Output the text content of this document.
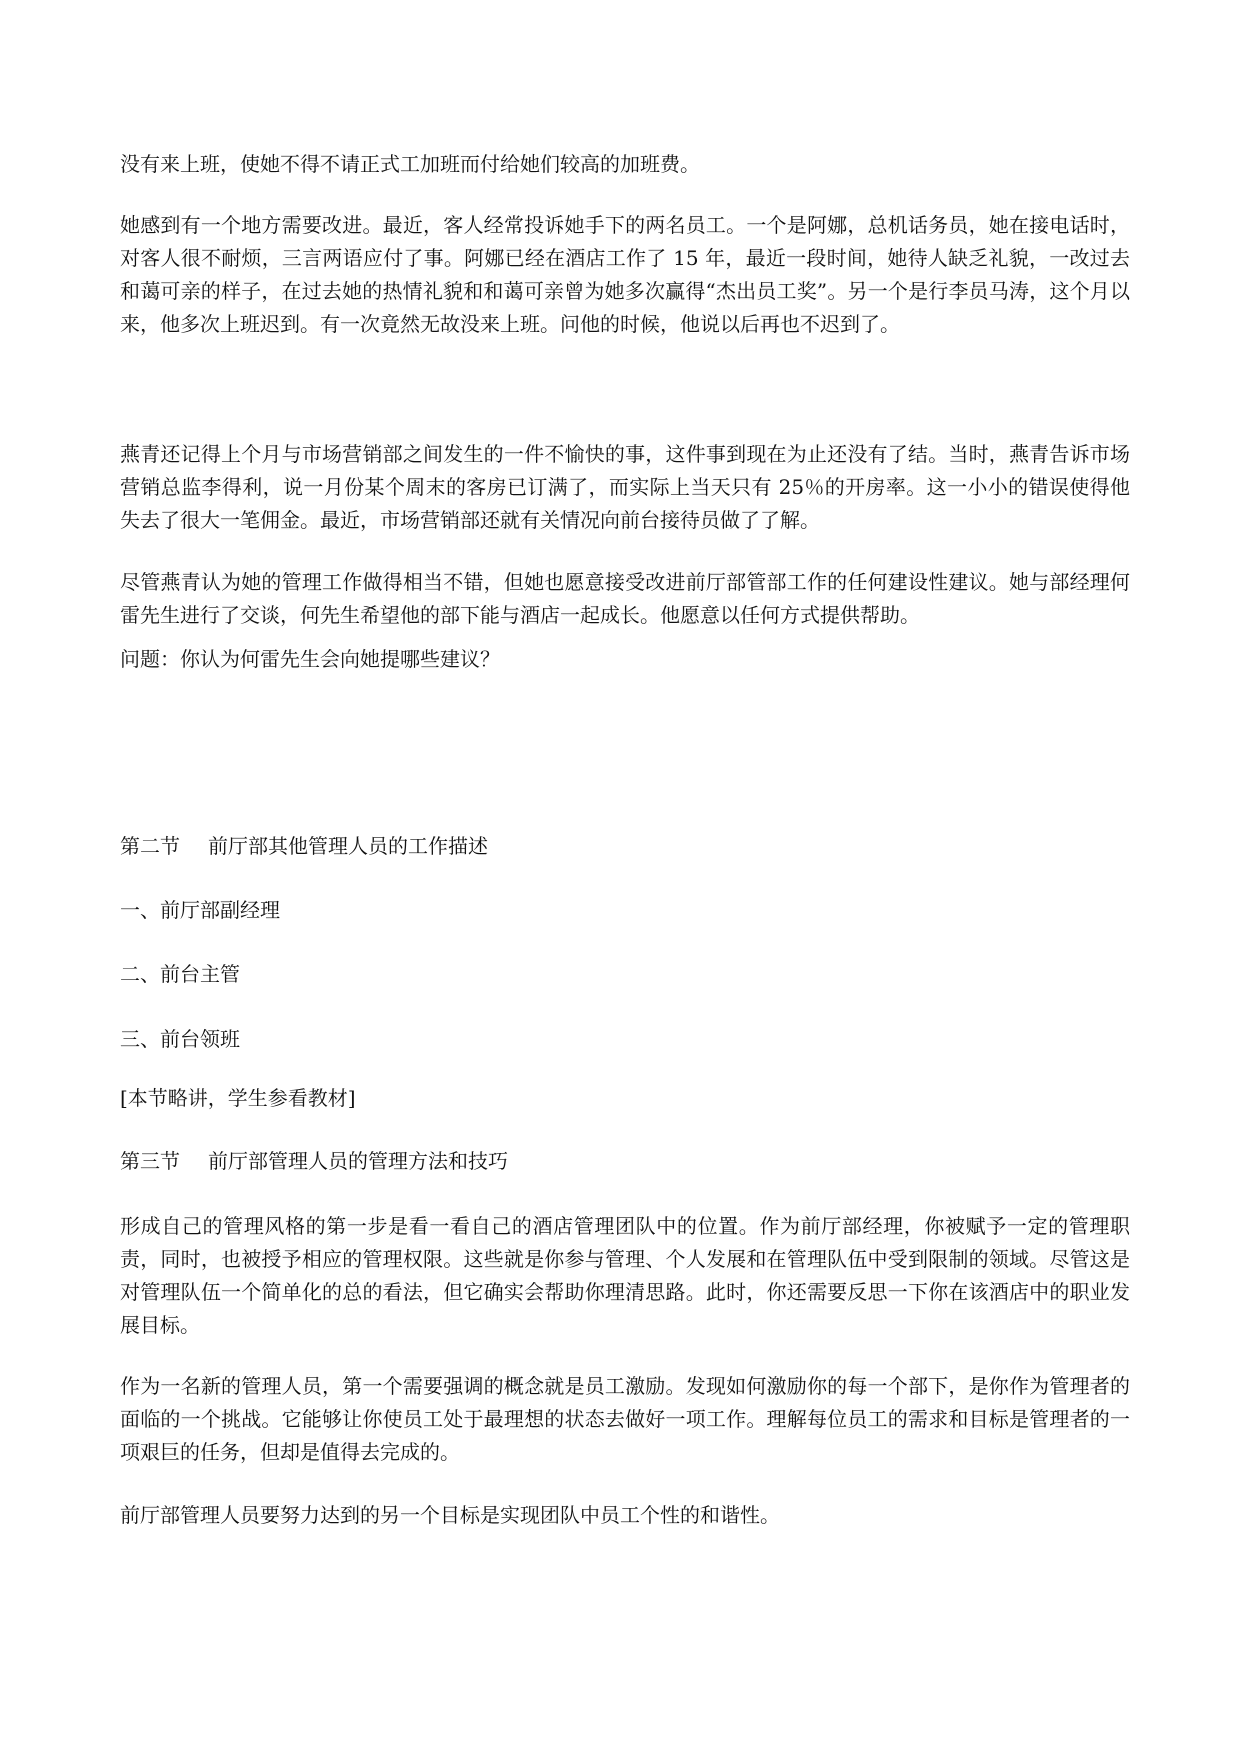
没有来上班，使她不得不请正式工加班而付给她们较高的加班费。

她感到有一个地方需要改进。最近，客人经常投诉她手下的两名员工。一个是阿娜，总机话务员，她在接电话时，对客人很不耐烦，三言两语应付了事。阿娜已经在酒店工作了 15 年，最近一段时间，她待人缺乏礼貌，一改过去和蔼可亲的样子，在过去她的热情礼貌和和蔼可亲曾为她多次赢得“杰出员工奖”。另一个是行李员马涛，这个月以来，他多次上班迟到。有一次竟然无故没来上班。问他的时候，他说以后再也不迟到了。

燕青还记得上个月与市场营销部之间发生的一件不愉快的事，这件事到现在为止还没有了结。当时，燕青告诉市场营销总监李得利，说一月份某个周末的客房已订满了，而实际上当天只有 25％的开房率。这一小小的错误使得他失去了很大一笔佣金。最近，市场营销部还就有关情况向前台接待员做了了解。

尽管燕青认为她的管理工作做得相当不错，但她也愿意接受改进前厅部管部工作的任何建设性建议。她与部经理何雷先生进行了交谈，何先生希望他的部下能与酒店一起成长。他愿意以任何方式提供帮助。

问题：你认为何雷先生会向她提哪些建议？

第二节 前厅部其他管理人员的工作描述

一、前厅部副经理

二、前台主管

三、前台领班

[本节略讲，学生参看教材]

第三节 前厅部管理人员的管理方法和技巧

形成自己的管理风格的第一步是看一看自己的酒店管理团队中的位置。作为前厅部经理，你被赋予一定的管理职责，同时，也被授予相应的管理权限。这些就是你参与管理、个人发展和在管理队伍中受到限制的领域。尽管这是对管理队伍一个简单化的总的看法，但它确实会帮助你理清思路。此时，你还需要反思一下你在该酒店中的职业发展目标。

作为一名新的管理人员，第一个需要强调的概念就是员工激励。发现如何激励你的每一个部下，是你作为管理者的面临的一个挑战。它能够让你使员工处于最理想的状态去做好一项工作。理解每位员工的需求和目标是管理者的一项艰巨的任务，但却是值得去完成的。

前厅部管理人员要努力达到的另一个目标是实现团队中员工个性的和谐性。
